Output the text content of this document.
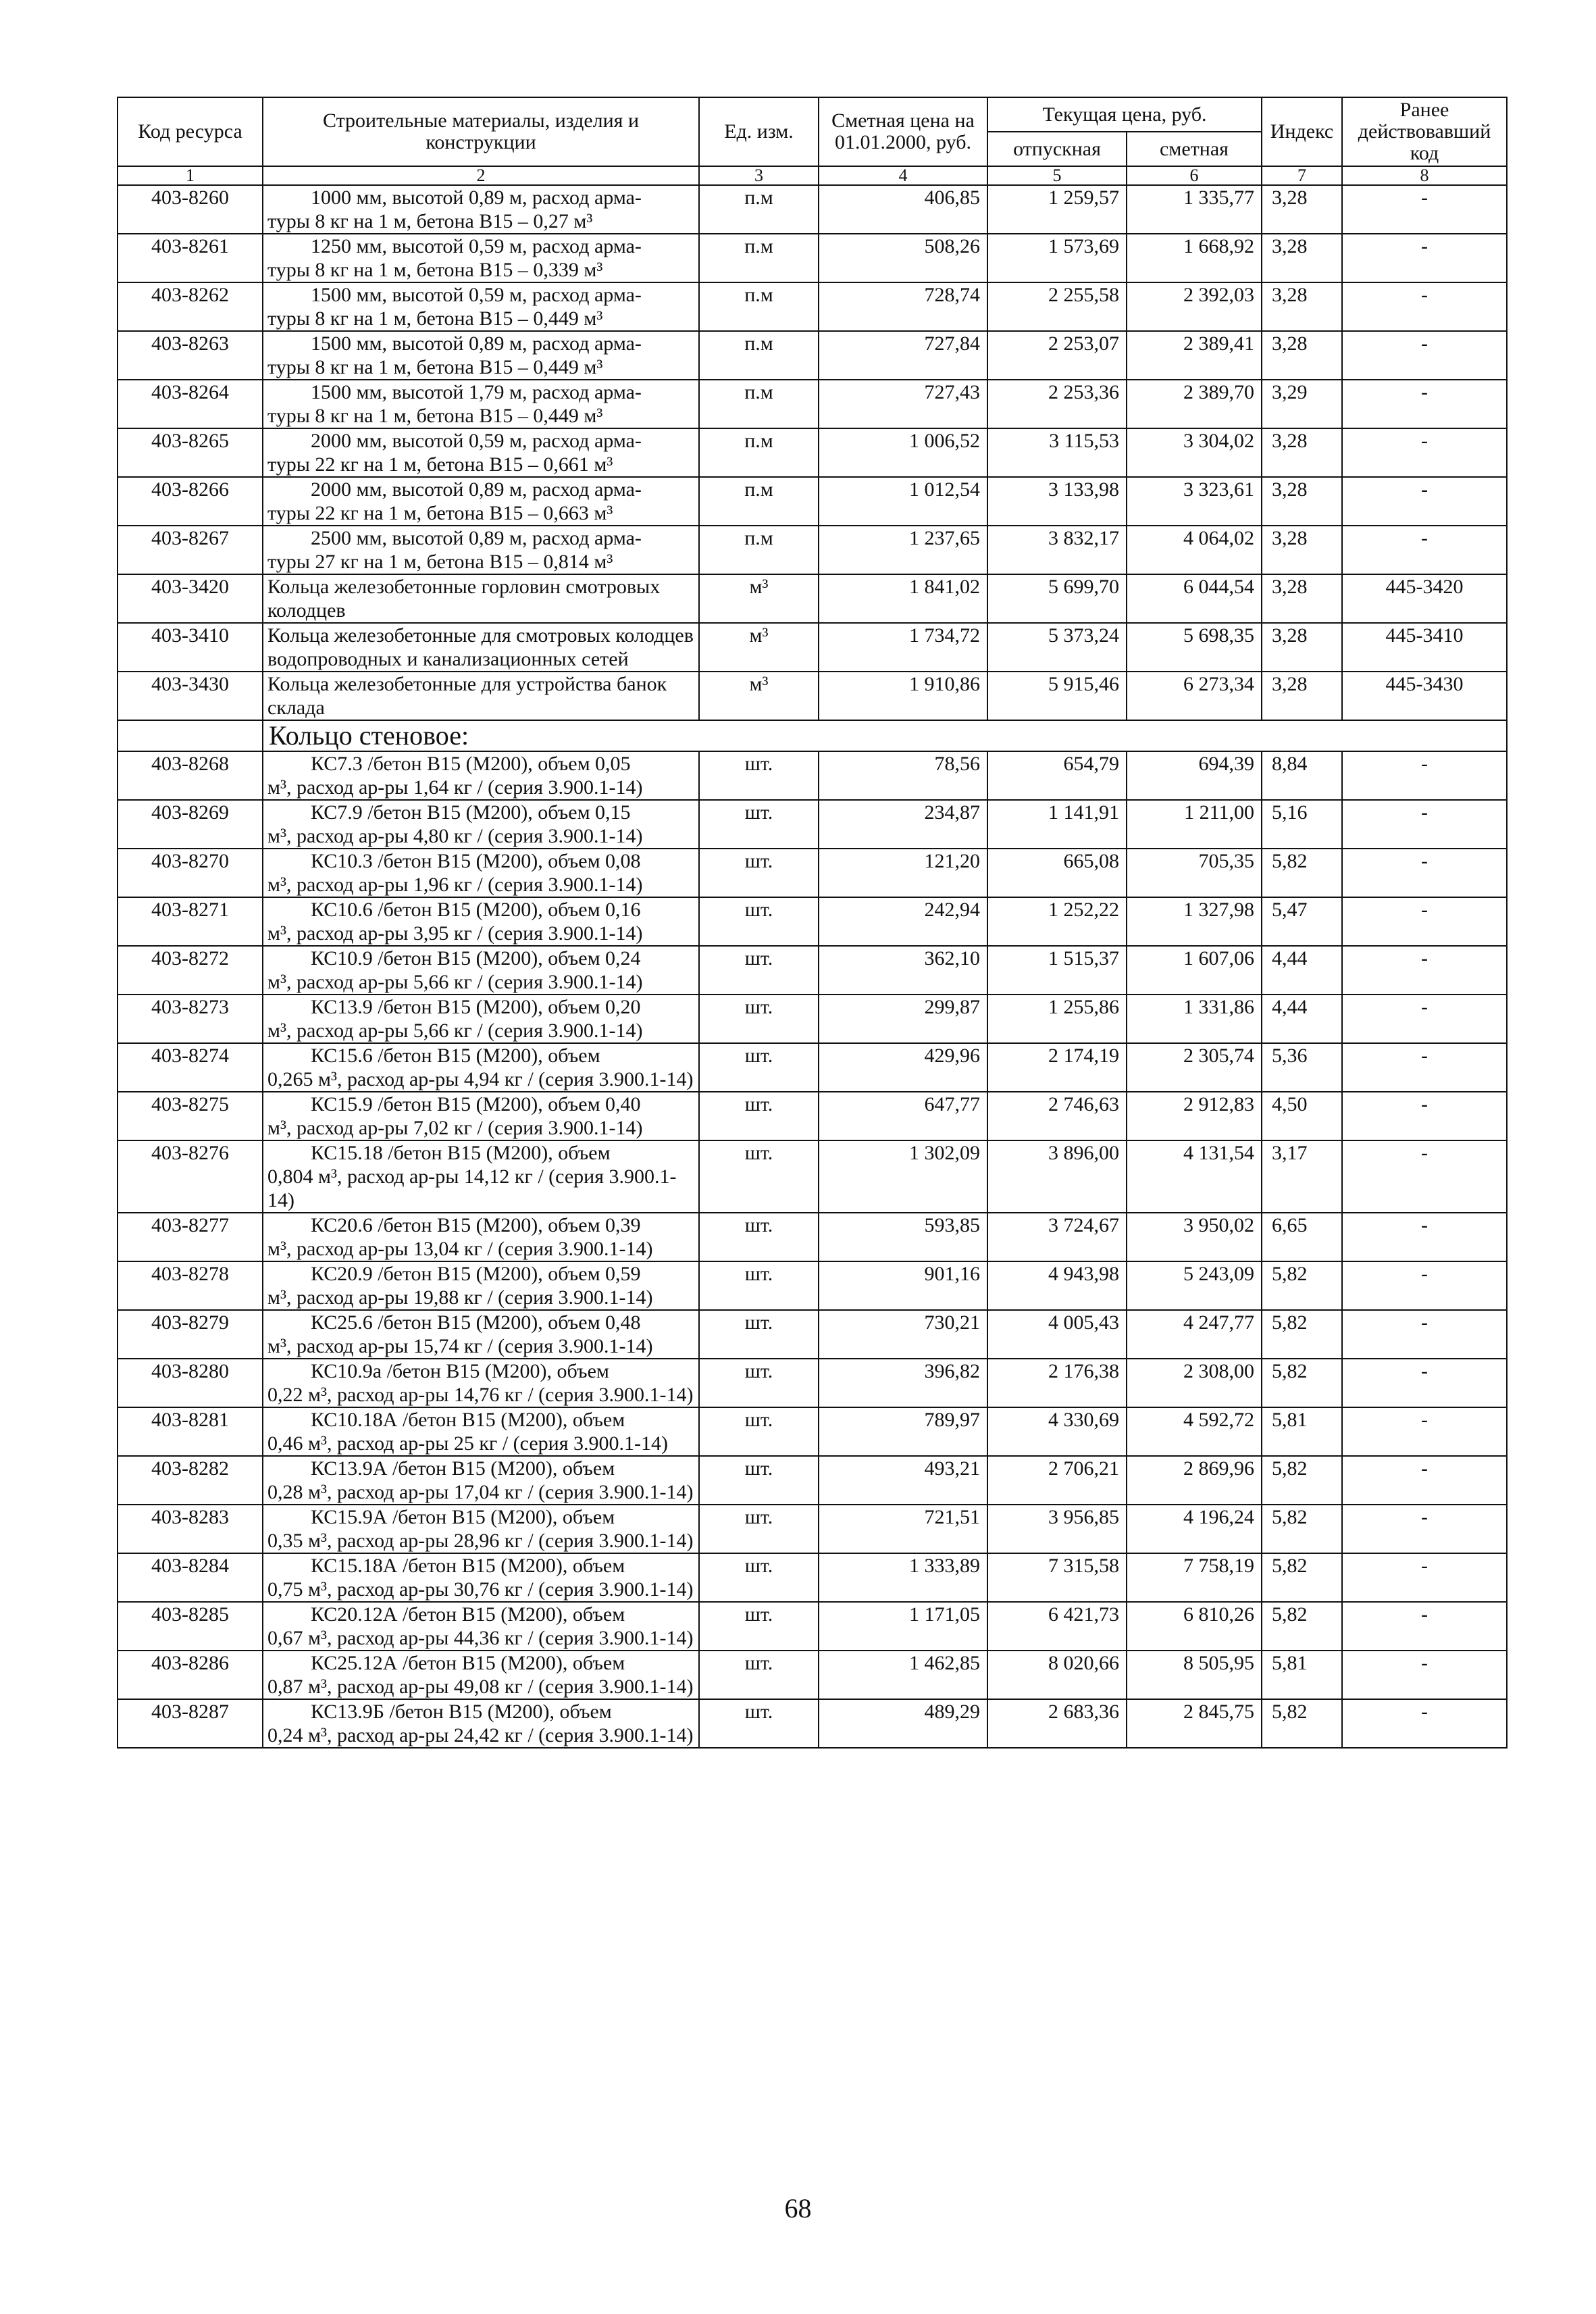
Код ресурса	Строительные материалы, изделия и конструкции	Ед. изм.	Сметная цена на 01.01.2000, руб.	Текущая цена, руб.		Индекс	Ранее действовавший код
				отпускная	сметная		
1	2	3	4	5	6	7	8
403-8260	1000 мм, высотой 0,89 м, расход арма-
туры 8 кг на 1 м, бетона В15 – 0,27 м³	п.м	406,85	1 259,57	1 335,77	3,28	-
403-8261	1250 мм, высотой 0,59 м, расход арма-
туры 8 кг на 1 м, бетона В15 – 0,339 м³	п.м	508,26	1 573,69	1 668,92	3,28	-
403-8262	1500 мм, высотой 0,59 м, расход арма-
туры 8 кг на 1 м, бетона В15 – 0,449 м³	п.м	728,74	2 255,58	2 392,03	3,28	-
403-8263	1500 мм, высотой 0,89 м, расход арма-
туры 8 кг на 1 м, бетона В15 – 0,449 м³	п.м	727,84	2 253,07	2 389,41	3,28	-
403-8264	1500 мм, высотой 1,79 м, расход арма-
туры 8 кг на 1 м, бетона В15 – 0,449 м³	п.м	727,43	2 253,36	2 389,70	3,29	-
403-8265	2000 мм, высотой 0,59 м, расход арма-
туры 22 кг на 1 м, бетона В15 – 0,661 м³	п.м	1 006,52	3 115,53	3 304,02	3,28	-
403-8266	2000 мм, высотой 0,89 м, расход арма-
туры 22 кг на 1 м, бетона В15 – 0,663 м³	п.м	1 012,54	3 133,98	3 323,61	3,28	-
403-8267	2500 мм, высотой 0,89 м, расход арма-
туры 27 кг на 1 м, бетона В15 – 0,814 м³	п.м	1 237,65	3 832,17	4 064,02	3,28	-
403-3420	Кольца железобетонные горловин смотровых колодцев	м³	1 841,02	5 699,70	6 044,54	3,28	445-3420
403-3410	Кольца железобетонные для смотровых колодцев водопроводных и канализационных сетей	м³	1 734,72	5 373,24	5 698,35	3,28	445-3410
403-3430	Кольца железобетонные для устройства банок склада	м³	1 910,86	5 915,46	6 273,34	3,28	445-3430
	Кольцо стеновое:						
403-8268	КС7.3 /бетон В15 (М200), объем 0,05
м³, расход ар-ры 1,64 кг / (серия 3.900.1-14)	шт.	78,56	654,79	694,39	8,84	-
403-8269	КС7.9 /бетон В15 (М200), объем 0,15
м³, расход ар-ры 4,80 кг / (серия 3.900.1-14)	шт.	234,87	1 141,91	1 211,00	5,16	-
403-8270	КС10.3 /бетон В15 (М200), объем 0,08
м³, расход ар-ры 1,96 кг / (серия 3.900.1-14)	шт.	121,20	665,08	705,35	5,82	-
403-8271	КС10.6 /бетон В15 (М200), объем 0,16
м³, расход ар-ры 3,95 кг / (серия 3.900.1-14)	шт.	242,94	1 252,22	1 327,98	5,47	-
403-8272	КС10.9 /бетон В15 (М200), объем 0,24
м³, расход ар-ры 5,66 кг / (серия 3.900.1-14)	шт.	362,10	1 515,37	1 607,06	4,44	-
403-8273	КС13.9 /бетон В15 (М200), объем 0,20
м³, расход ар-ры 5,66 кг / (серия 3.900.1-14)	шт.	299,87	1 255,86	1 331,86	4,44	-
403-8274	КС15.6 /бетон В15 (М200), объем
0,265 м³, расход ар-ры 4,94 кг / (серия 3.900.1-14)	шт.	429,96	2 174,19	2 305,74	5,36	-
403-8275	КС15.9 /бетон В15 (М200), объем 0,40
м³, расход ар-ры 7,02 кг / (серия 3.900.1-14)	шт.	647,77	2 746,63	2 912,83	4,50	-
403-8276	КС15.18 /бетон В15 (М200), объем
0,804 м³, расход ар-ры 14,12 кг / (серия 3.900.1-14)	шт.	1 302,09	3 896,00	4 131,54	3,17	-
403-8277	КС20.6 /бетон В15 (М200), объем 0,39
м³, расход ар-ры 13,04 кг / (серия 3.900.1-14)	шт.	593,85	3 724,67	3 950,02	6,65	-
403-8278	КС20.9 /бетон В15 (М200), объем 0,59
м³, расход ар-ры 19,88 кг / (серия 3.900.1-14)	шт.	901,16	4 943,98	5 243,09	5,82	-
403-8279	КС25.6 /бетон В15 (М200), объем 0,48
м³, расход ар-ры 15,74 кг / (серия 3.900.1-14)	шт.	730,21	4 005,43	4 247,77	5,82	-
403-8280	КС10.9а /бетон В15 (М200), объем
0,22 м³, расход ар-ры 14,76 кг / (серия 3.900.1-14)	шт.	396,82	2 176,38	2 308,00	5,82	-
403-8281	КС10.18А /бетон В15 (М200), объем
0,46 м³, расход ар-ры 25 кг / (серия 3.900.1-14)	шт.	789,97	4 330,69	4 592,72	5,81	-
403-8282	КС13.9А /бетон В15 (М200), объем
0,28 м³, расход ар-ры 17,04 кг / (серия 3.900.1-14)	шт.	493,21	2 706,21	2 869,96	5,82	-
403-8283	КС15.9А /бетон В15 (М200), объем
0,35 м³, расход ар-ры 28,96 кг / (серия 3.900.1-14)	шт.	721,51	3 956,85	4 196,24	5,82	-
403-8284	КС15.18А /бетон В15 (М200), объем
0,75 м³, расход ар-ры 30,76 кг / (серия 3.900.1-14)	шт.	1 333,89	7 315,58	7 758,19	5,82	-
403-8285	КС20.12А /бетон В15 (М200), объем
0,67 м³, расход ар-ры 44,36 кг / (серия 3.900.1-14)	шт.	1 171,05	6 421,73	6 810,26	5,82	-
403-8286	КС25.12А /бетон В15 (М200), объем
0,87 м³, расход ар-ры 49,08 кг / (серия 3.900.1-14)	шт.	1 462,85	8 020,66	8 505,95	5,81	-
403-8287	КС13.9Б /бетон В15 (М200), объем
0,24 м³, расход ар-ры 24,42 кг / (серия 3.900.1-14)	шт.	489,29	2 683,36	2 845,75	5,82	-
68
